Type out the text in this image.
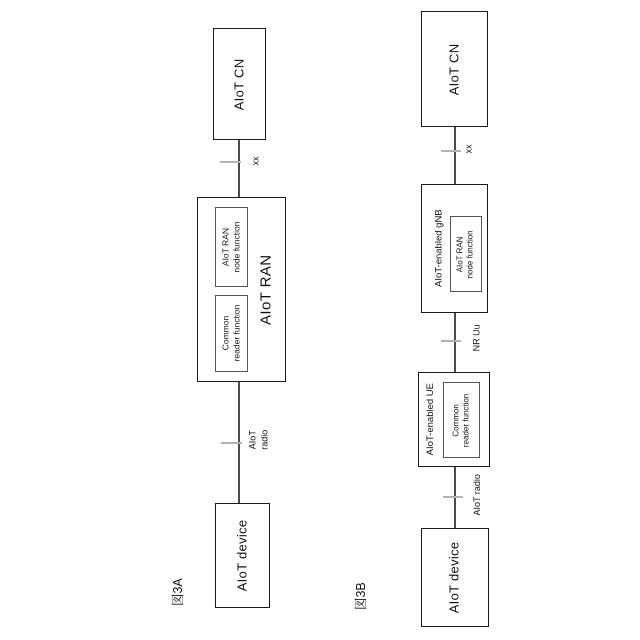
AIoT CN
xx
AIoT RAN
AIoT RAN
node function
Common
reader function
AIoT
radio
AIoT device
図3A
AIoT CN
xx
AIoT-enabled gNB AIoT RAN
node function
NR Uu
AIoT-enabled UE Common
reader function
AIoT radio
AIoT device
図3B
